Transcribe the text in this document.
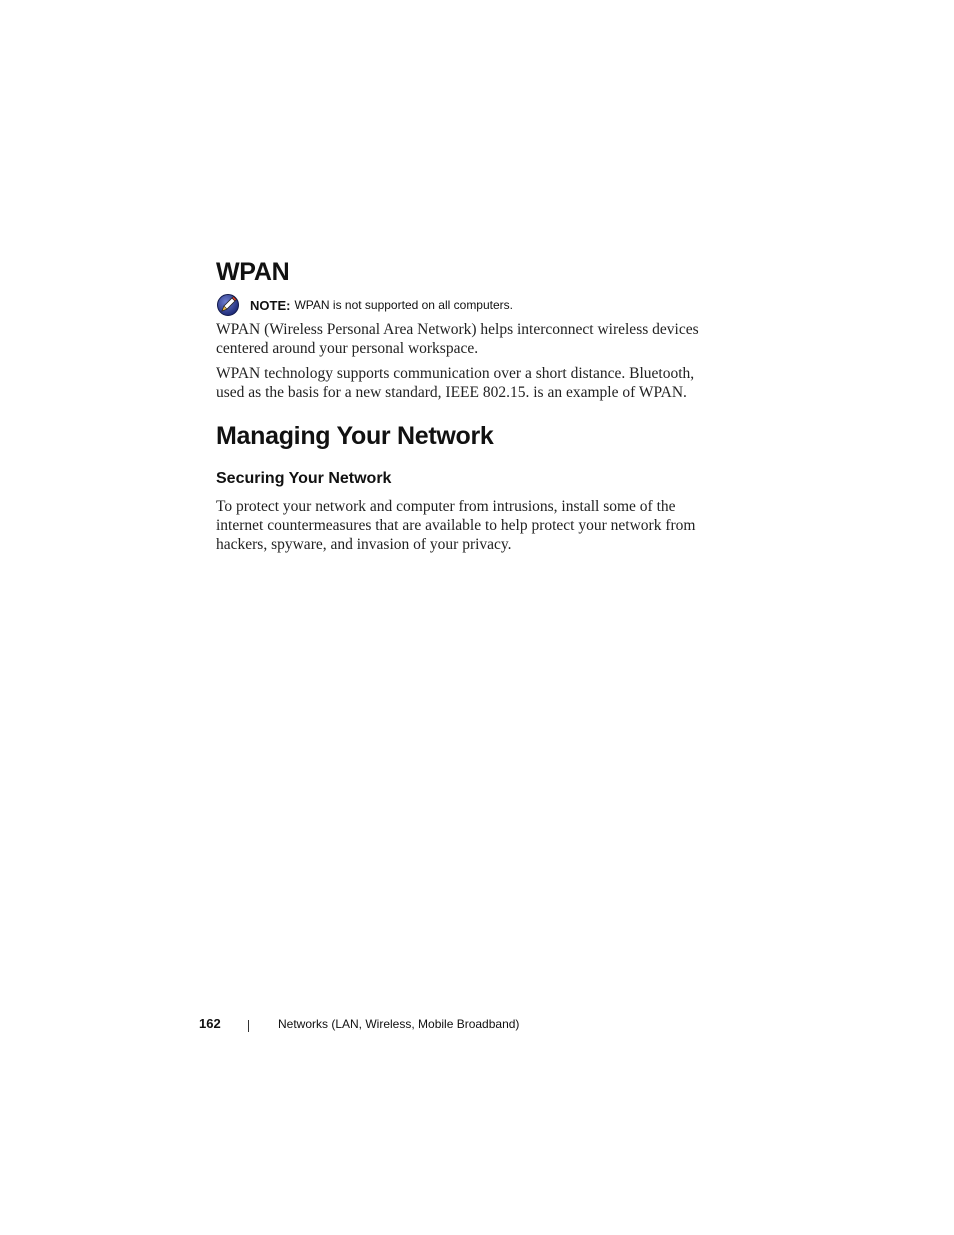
WPAN
NOTE: WPAN is not supported on all computers.

WPAN (Wireless Personal Area Network) helps interconnect wireless devices centered around your personal workspace.

WPAN technology supports communication over a short distance. Bluetooth, used as the basis for a new standard, IEEE 802.15. is an example of WPAN.

Managing Your Network
Securing Your Network

To protect your network and computer from intrusions, install some of the internet countermeasures that are available to help protect your network from hackers, spyware, and invasion of your privacy.

162	Networks (LAN, Wireless, Mobile Broadband)
